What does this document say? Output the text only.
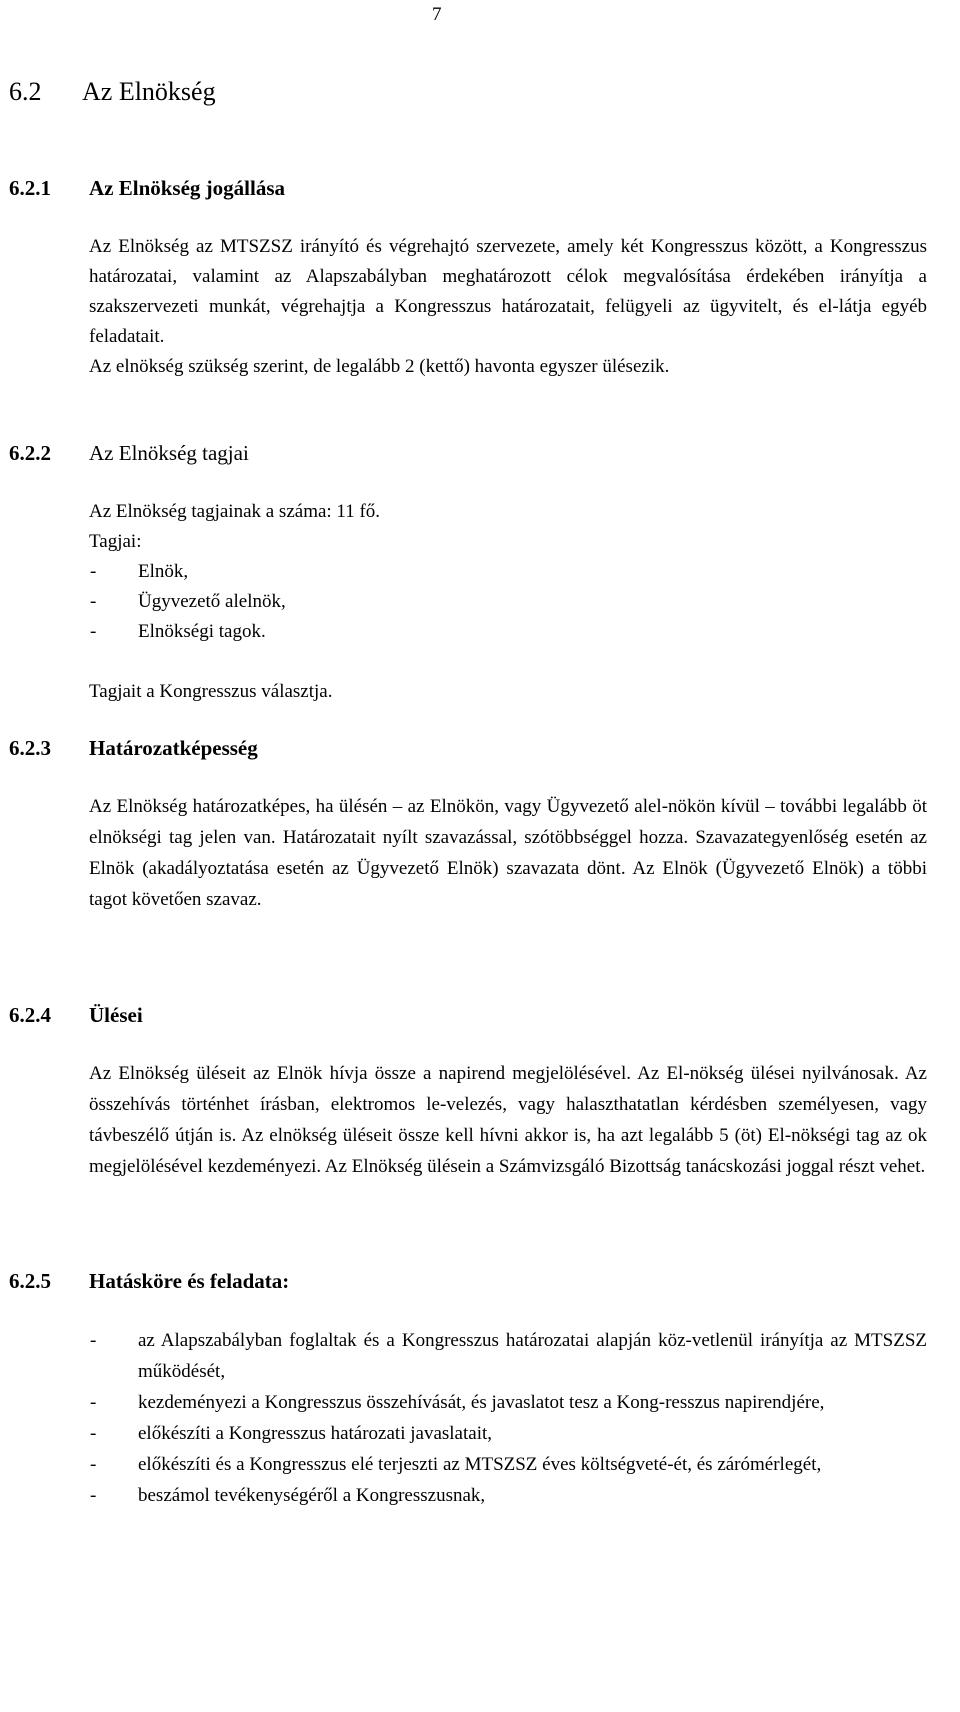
7
6.2 Az Elnökség
6.2.1 Az Elnökség jogállása

Az Elnökség az MTSZSZ irányító és végrehajtó szervezete, amely két Kongresszus között, a Kongresszus határozatai, valamint az Alapszabályban meghatározott célok megvalósítása érdekében irányítja a szakszervezeti munkát, végrehajtja a Kongresszus határozatait, felügyeli az ügyvitelt, és el-látja egyéb feladatait.

Az elnökség szükség szerint, de legalább 2 (kettő) havonta egyszer ülésezik.

6.2.2 Az Elnökség tagjai
Az Elnökség tagjainak a száma: 11 fő.
Tagjai:
- Elnök,
- Ügyvezető alelnök,
- Elnökségi tagok.
Tagjait a Kongresszus választja.
6.2.3 Határozatképesség

Az Elnökség határozatképes, ha ülésén – az Elnökön, vagy Ügyvezető alel-nökön kívül – további legalább öt elnökségi tag jelen van. Határozatait nyílt szavazással, szótöbbséggel hozza. Szavazategyenlőség esetén az Elnök (akadályoztatása esetén az Ügyvezető Elnök) szavazata dönt. Az Elnök (Ügyvezető Elnök) a többi tagot követően szavaz.

6.2.4 Ülései

Az Elnökség üléseit az Elnök hívja össze a napirend megjelölésével. Az El-nökség ülései nyilvánosak. Az összehívás történhet írásban, elektromos le-velezés, vagy halaszthatatlan kérdésben személyesen, vagy távbeszélő útján is. Az elnökség üléseit össze kell hívni akkor is, ha azt legalább 5 (öt) El-nökségi tag az ok megjelölésével kezdeményezi. Az Elnökség ülésein a Számvizsgáló Bizottság tanácskozási joggal részt vehet.

6.2.5 Hatásköre és feladata:
- az Alapszabályban foglaltak és a Kongresszus határozatai alapján köz-vetlenül irányítja az MTSZSZ működését,
- kezdeményezi a Kongresszus összehívását, és javaslatot tesz a Kong-resszus napirendjére,
- előkészíti a Kongresszus határozati javaslatait,
- előkészíti és a Kongresszus elé terjeszti az MTSZSZ éves költségveté-ét, és zárómérlegét,
- beszámol tevékenységéről a Kongresszusnak,
